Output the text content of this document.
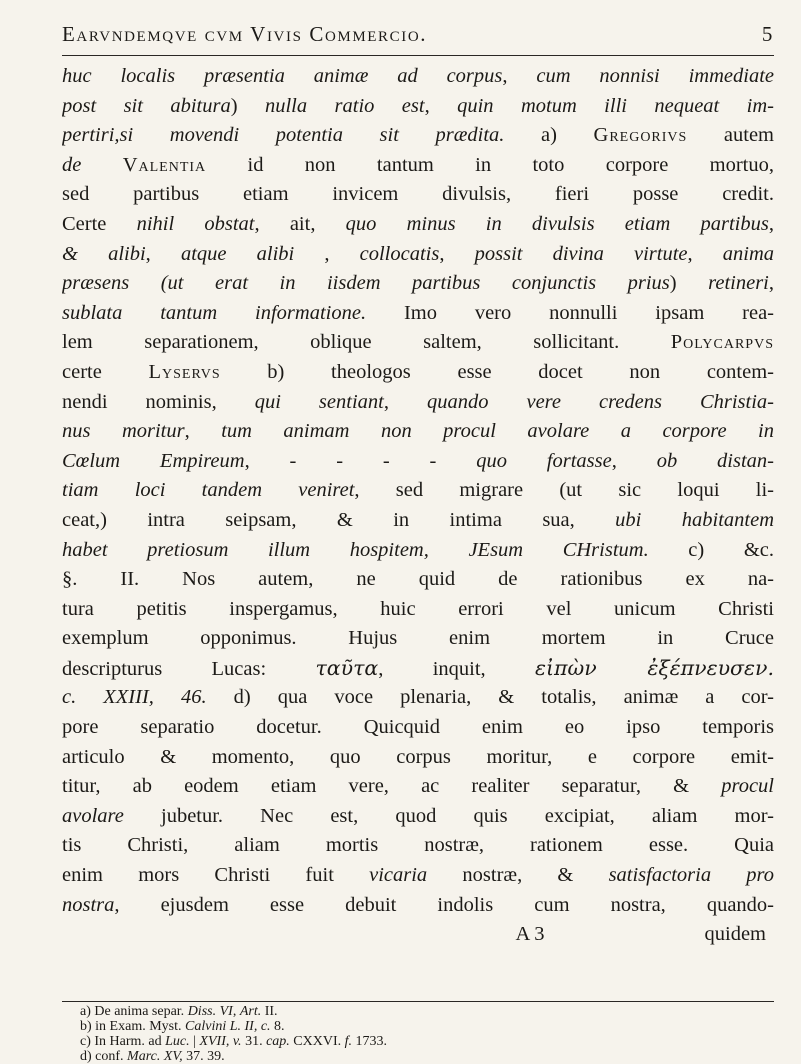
Earvndemqve cvm Vivis Commercio.	5
huc localis præsentia animæ ad corpus, cum nonnisi immediate
post sit abitura) nulla ratio est, quin motum illi nequeat im-
pertiri,si movendi potentia sit prædita. a) Gregorivs autem
de Valentia id non tantum in toto corpore mortuo,
sed partibus etiam invicem divulsis, fieri posse credit.
Certe nihil obstat, ait, quo minus in divulsis etiam partibus,
& alibi, atque alibi , collocatis, possit divina virtute, anima
præsens (ut erat in iisdem partibus conjunctis prius) retineri,
sublata tantum informatione. Imo vero nonnulli ipsam rea-
lem separationem, oblique saltem, sollicitant. Polycarpvs
certe Lyservs b) theologos esse docet non contem-
nendi nominis, qui sentiant, quando vere credens Christia-
nus moritur, tum animam non procul avolare a corpore in
Cœlum Empireum, - - - - quo fortasse, ob distan-
tiam loci tandem veniret, sed migrare (ut sic loqui li-
ceat,) intra seipsam, & in intima sua, ubi habitantem
habet pretiosum illum hospitem, JEsum CHristum. c) &c.
§. II. Nos autem, ne quid de rationibus ex na-
tura petitis inspergamus, huic errori vel unicum Christi
exemplum opponimus. Hujus enim mortem in Cruce
descripturus Lucas: ταῦτα, inquit, εἰπὼν ἐξέπνευσεν.
c. XXIII, 46. d) qua voce plenaria, & totalis, animæ a cor-
pore separatio docetur. Quicquid enim eo ipso temporis
articulo & momento, quo corpus moritur, e corpore emit-
titur, ab eodem etiam vere, ac realiter separatur, & procul
avolare jubetur. Nec est, quod quis excipiat, aliam mor-
tis Christi, aliam mortis nostræ, rationem esse. Quia
enim mors Christi fuit vicaria nostræ, & satisfactoria pro
nostra, ejusdem esse debuit indolis cum nostra, quando-
A 3	quidem
a) De anima separ. Diss. VI, Art. II.
b) in Exam. Myst. Calvini L. II, c. 8.
c) In Harm. ad Luc. | XVII, v. 31. cap. CXXVI. f. 1733.
d) conf. Marc. XV, 37. 39.
